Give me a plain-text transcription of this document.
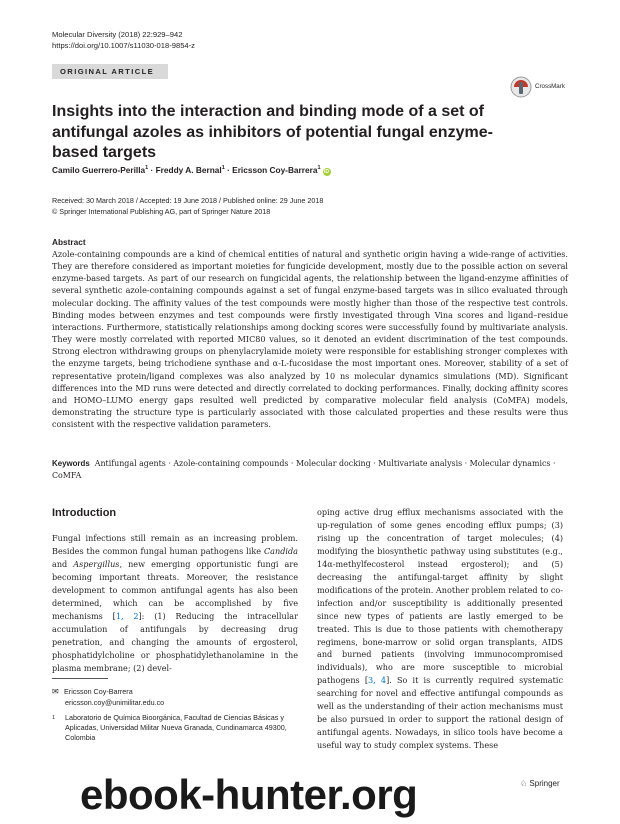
Molecular Diversity (2018) 22:929–942
https://doi.org/10.1007/s11030-018-9854-z
ORIGINAL ARTICLE
CrossMark
Insights into the interaction and binding mode of a set of antifungal azoles as inhibitors of potential fungal enzyme-based targets
Camilo Guerrero-Perilla$^1$ · Freddy A. Bernal$^1$ · Ericsson Coy-Barrera$^1$iD
Received: 30 March 2018 / Accepted: 19 June 2018 / Published online: 29 June 2018
© Springer International Publishing AG, part of Springer Nature 2018
Abstract

Azole-containing compounds are a kind of chemical entities of natural and synthetic origin having a wide-range of activities. They are therefore considered as important moieties for fungicide development, mostly due to the possible action on several enzyme-based targets. As part of our research on fungicidal agents, the relationship between the ligand-enzyme affinities of several synthetic azole-containing compounds against a set of fungal enzyme-based targets was in silico evaluated through molecular docking. The affinity values of the test compounds were mostly higher than those of the respective test controls. Binding modes between enzymes and test compounds were firstly investigated through Vina scores and ligand–residue interactions. Furthermore, statistically relationships among docking scores were successfully found by multivariate analysis. They were mostly correlated with reported MIC80 values, so it denoted an evident discrimination of the test compounds. Strong electron withdrawing groups on phenylacrylamide moiety were responsible for establishing stronger complexes with the enzyme targets, being trichodiene synthase and α-L-fucosidase the most important ones. Moreover, stability of a set of representative protein/ligand complexes was also analyzed by 10 ns molecular dynamics simulations (MD). Significant differences into the MD runs were detected and directly correlated to docking performances. Finally, docking affinity scores and HOMO–LUMO energy gaps resulted well predicted by comparative molecular field analysis (CoMFA) models, demonstrating the structure type is particularly associated with those calculated properties and these results were thus consistent with the respective validation parameters.

Keywords Antifungal agents · Azole-containing compounds · Molecular docking · Multivariate analysis · Molecular dynamics · CoMFA
Introduction

Fungal infections still remain as an increasing problem. Besides the common fungal human pathogens like Candida and Aspergillus, new emerging opportunistic fungi are becoming important threats. Moreover, the resistance development to common antifungal agents has also been determined, which can be accomplished by five mechanisms [1, 2]: (1) Reducing the intracellular accumulation of antifungals by decreasing drug penetration, and changing the amounts of ergosterol, phosphatidylcholine or phosphatidylethanolamine in the plasma membrane; (2) devel-

oping active drug efflux mechanisms associated with the up-regulation of some genes encoding efflux pumps; (3) rising up the concentration of target molecules; (4) modifying the biosynthetic pathway using substitutes (e.g., 14α-methylfecosterol instead ergosterol); and (5) decreasing the antifungal-target affinity by slight modifications of the protein. Another problem related to co-infection and/or susceptibility is additionally presented since new types of patients are lastly emerged to be treated. This is due to those patients with chemotherapy regimens, bone-marrow or solid organ transplants, AIDS and burned patients (involving immunocompromised individuals), who are more susceptible to microbial pathogens [3, 4]. So it is currently required systematic searching for novel and effective antifungal compounds as well as the understanding of their action mechanisms must be also pursued in order to support the rational design of antifungal agents. Nowadays, in silico tools have become a useful way to study complex systems. These

✉ Ericsson Coy-Barrera
ericsson.coy@unimilitar.edu.co
1	Laboratorio de Química Bioorgánica, Facultad de Ciencias Básicas y Aplicadas, Universidad Militar Nueva Granada, Cundinamarca 49300, Colombia
♘ Springer
ebook-hunter.org
